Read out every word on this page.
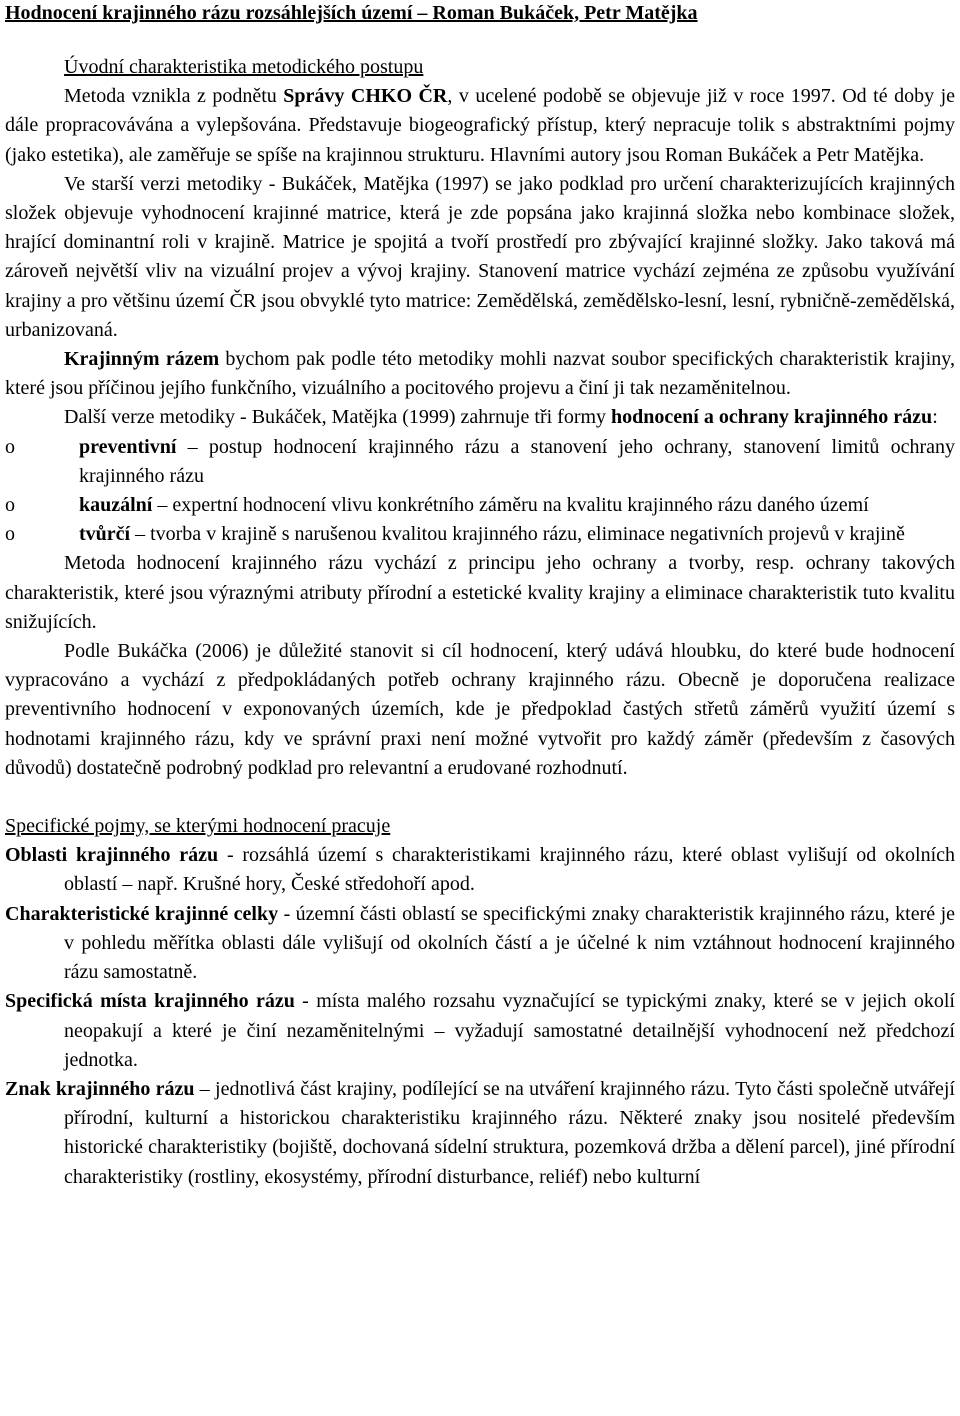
Hodnocení krajinného rázu rozsáhlejších území – Roman Bukáček, Petr Matějka

Úvodní charakteristika metodického postupu

Metoda vznikla z podnětu Správy CHKO ČR, v ucelené podobě se objevuje již v roce 1997. Od té doby je dále propracovávána a vylepšována. Představuje biogeografický přístup, který nepracuje tolik s abstraktními pojmy (jako estetika), ale zaměřuje se spíše na krajinnou strukturu. Hlavními autory jsou Roman Bukáček a Petr Matějka.

Ve starší verzi metodiky - Bukáček, Matějka (1997) se jako podklad pro určení charakterizujících krajinných složek objevuje vyhodnocení krajinné matrice, která je zde popsána jako krajinná složka nebo kombinace složek, hrající dominantní roli v krajině. Matrice je spojitá a tvoří prostředí pro zbývající krajinné složky. Jako taková má zároveň největší vliv na vizuální projev a vývoj krajiny. Stanovení matrice vychází zejména ze způsobu využívání krajiny a pro většinu území ČR jsou obvyklé tyto matrice: Zemědělská, zemědělsko-lesní, lesní, rybničně-zemědělská, urbanizovaná.

Krajinným rázem bychom pak podle této metodiky mohli nazvat soubor specifických charakteristik krajiny, které jsou příčinou jejího funkčního, vizuálního a pocitového projevu a činí ji tak nezaměnitelnou.

Další verze metodiky - Bukáček, Matějka (1999) zahrnuje tři formy hodnocení a ochrany krajinného rázu:

o	preventivní – postup hodnocení krajinného rázu a stanovení jeho ochrany, stanovení limitů ochrany krajinného rázu
o	kauzální – expertní hodnocení vlivu konkrétního záměru na kvalitu krajinného rázu daného území
o	tvůrčí – tvorba v krajině s narušenou kvalitou krajinného rázu, eliminace negativních projevů v krajině

Metoda hodnocení krajinného rázu vychází z principu jeho ochrany a tvorby, resp. ochrany takových charakteristik, které jsou výraznými atributy přírodní a estetické kvality krajiny a eliminace charakteristik tuto kvalitu snižujících.

Podle Bukáčka (2006) je důležité stanovit si cíl hodnocení, který udává hloubku, do které bude hodnocení vypracováno a vychází z předpokládaných potřeb ochrany krajinného rázu. Obecně je doporučena realizace preventivního hodnocení v exponovaných územích, kde je předpoklad častých střetů záměrů využití území s hodnotami krajinného rázu, kdy ve správní praxi není možné vytvořit pro každý záměr (především z časových důvodů) dostatečně podrobný podklad pro relevantní a erudované rozhodnutí.

Specifické pojmy, se kterými hodnocení pracuje

Oblasti krajinného rázu - rozsáhlá území s charakteristikami krajinného rázu, které oblast vylišují od okolních oblastí – např. Krušné hory, České středohoří apod.

Charakteristické krajinné celky - územní části oblastí se specifickými znaky charakteristik krajinného rázu, které je v pohledu měřítka oblasti dále vylišují od okolních částí a je účelné k nim vztáhnout hodnocení krajinného rázu samostatně.

Specifická místa krajinného rázu - místa malého rozsahu vyznačující se typickými znaky, které se v jejich okolí neopakují a které je činí nezaměnitelnými – vyžadují samostatné detailnější vyhodnocení než předchozí jednotka.

Znak krajinného rázu – jednotlivá část krajiny, podílející se na utváření krajinného rázu. Tyto části společně utvářejí přírodní, kulturní a historickou charakteristiku krajinného rázu. Některé znaky jsou nositelé především historické charakteristiky (bojiště, dochovaná sídelní struktura, pozemková držba a dělení parcel), jiné přírodní charakteristiky (rostliny, ekosystémy, přírodní disturbance, reliéf) nebo kulturní
